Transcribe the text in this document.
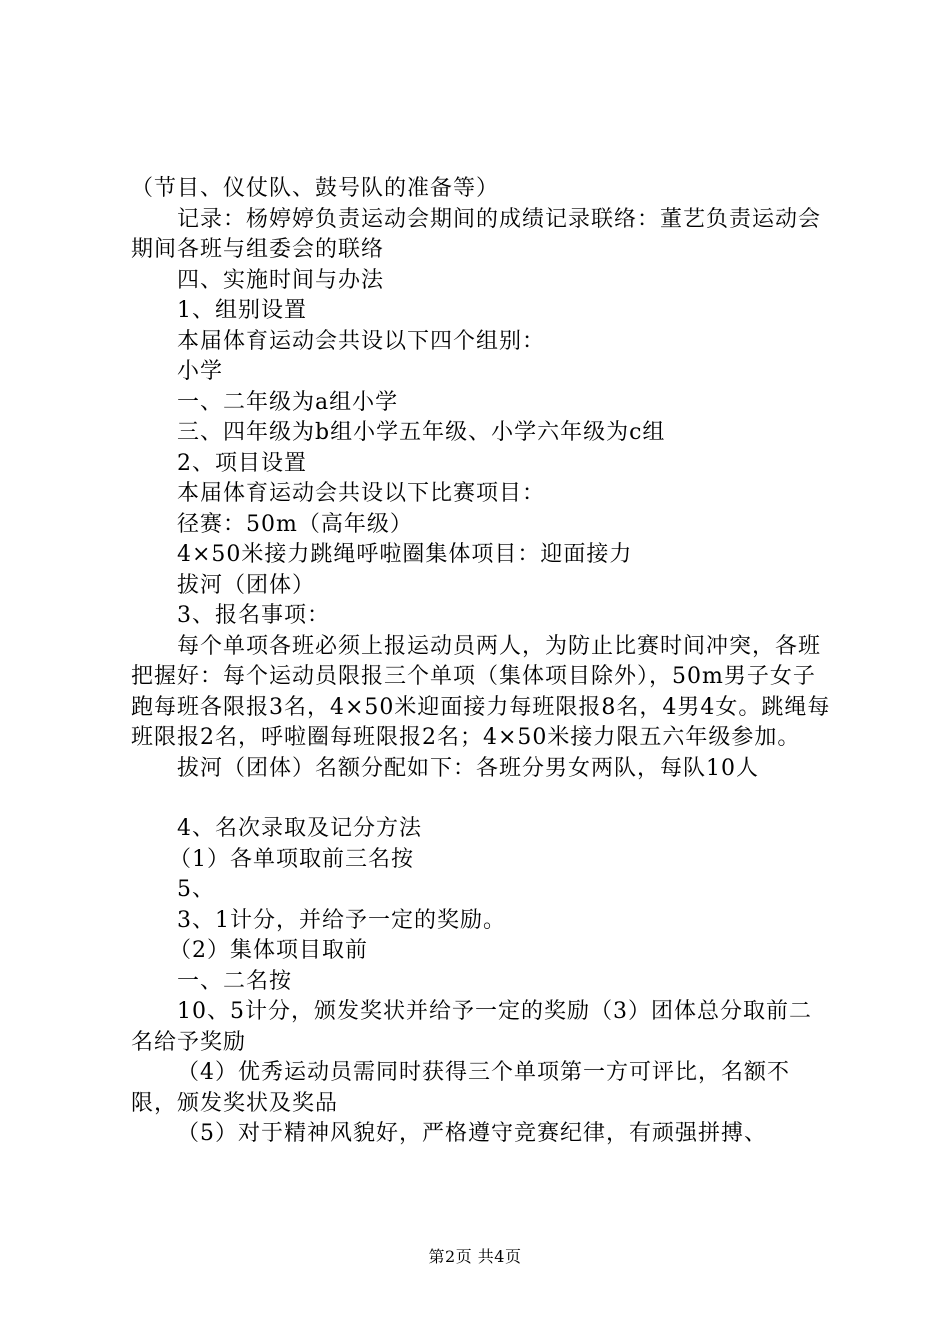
（节目、仪仗队、鼓号队的准备等）

记录：杨婷婷负责运动会期间的成绩记录联络：董艺负责运动会期间各班与组委会的联络

四、实施时间与办法

1、组别设置

本届体育运动会共设以下四个组别：

小学

一、二年级为a组小学

三、四年级为b组小学五年级、小学六年级为c组

2、项目设置

本届体育运动会共设以下比赛项目：

径赛：50m（高年级）

4×50米接力跳绳呼啦圈集体项目：迎面接力

拔河（团体）

3、报名事项：

每个单项各班必须上报运动员两人，为防止比赛时间冲突，各班把握好：每个运动员限报三个单项（集体项目除外），50m男子女子跑每班各限报3名，4×50米迎面接力每班限报8名，4男4女。跳绳每班限报2名，呼啦圈每班限报2名；4×50米接力限五六年级参加。

拔河（团体）名额分配如下：各班分男女两队，每队10人

4、名次录取及记分方法

（1）各单项取前三名按

5、

3、1计分，并给予一定的奖励。

（2）集体项目取前

一、二名按

10、5计分，颁发奖状并给予一定的奖励（3）团体总分取前二名给予奖励

（4）优秀运动员需同时获得三个单项第一方可评比，名额不限，颁发奖状及奖品

（5）对于精神风貌好，严格遵守竞赛纪律，有顽强拼搏、

第2页 共4页
